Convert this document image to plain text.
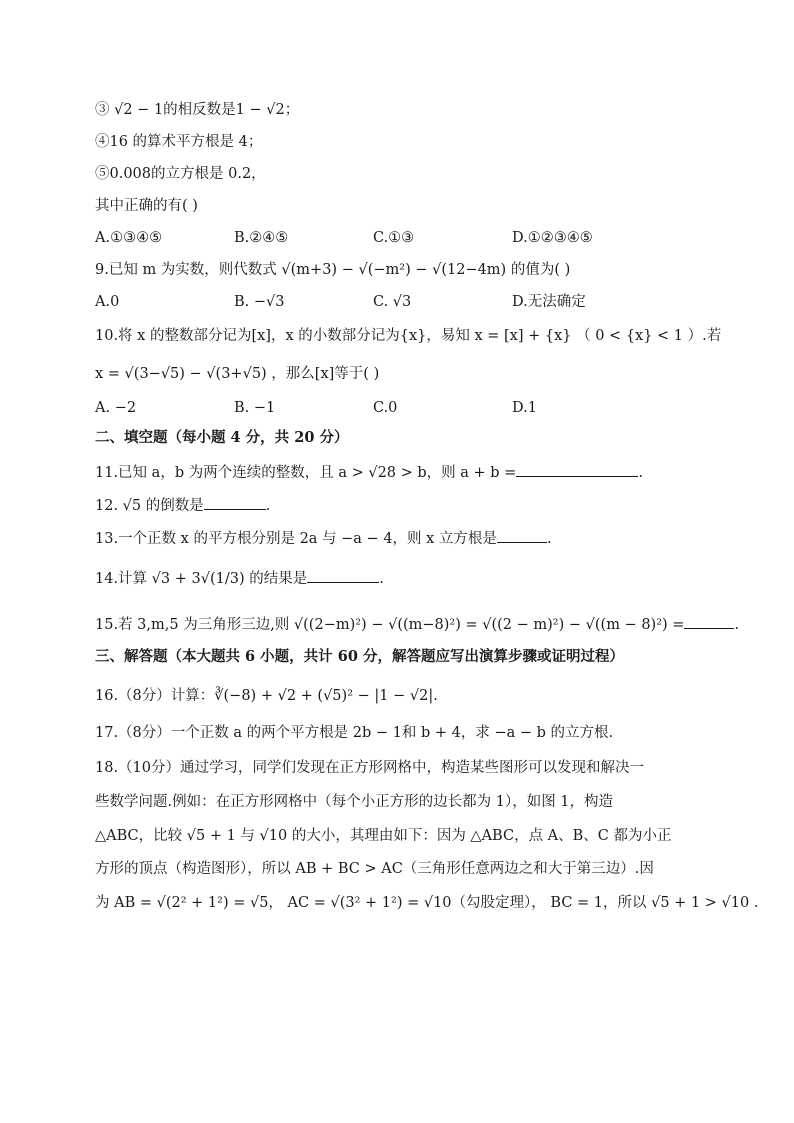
③ √2 − 1的相反数是1 − √2；
④16 的算术平方根是 4；
⑤0.008的立方根是 0.2，
其中正确的有( )
A.①③④⑤	B.②④⑤	C.①③	D.①②③④⑤
9.已知 m 为实数，则代数式 √(m+3) − √(−m²) − √(12−4m) 的值为( )
A.0	B. −√3	C. √3	D.无法确定
10.将 x 的整数部分记为[x]，x 的小数部分记为{x}，易知 x = [x] + {x} （ 0 < {x} < 1 ）.若
x = √(3−√5) − √(3+√5) ，那么[x]等于( )
A. −2	B. −1	C.0	D.1
二、填空题（每小题 4 分，共 20 分）
11.已知 a，b 为两个连续的整数，且 a > √28 > b，则 a + b =	.
12. √5 的倒数是	.
13.一个正数 x 的平方根分别是 2a 与 −a − 4，则 x 立方根是	.
14.计算 √3 + 3√(1/3) 的结果是	.
15.若 3,m,5 为三角形三边,则 √((2−m)²) − √((m−8)²) = √((2 − m)²) − √((m − 8)²) =	.
三、解答题（本大题共 6 小题，共计 60 分，解答题应写出演算步骤或证明过程）
16.（8分）计算：∛(−8) + √2 + (√5)² − |1 − √2|.
17.（8分）一个正数 a 的两个平方根是 2b − 1和 b + 4，求 −a − b 的立方根.
18.（10分）通过学习，同学们发现在正方形网格中，构造某些图形可以发现和解决一
些数学问题.例如：在正方形网格中（每个小正方形的边长都为 1），如图 1，构造
△ABC，比较 √5 + 1 与 √10 的大小，其理由如下：因为 △ABC，点 A、B、C 都为小正
方形的顶点（构造图形），所以 AB + BC > AC（三角形任意两边之和大于第三边）.因
为 AB = √(2² + 1²) = √5， AC = √(3² + 1²) = √10（勾股定理）， BC = 1，所以 √5 + 1 > √10 .
